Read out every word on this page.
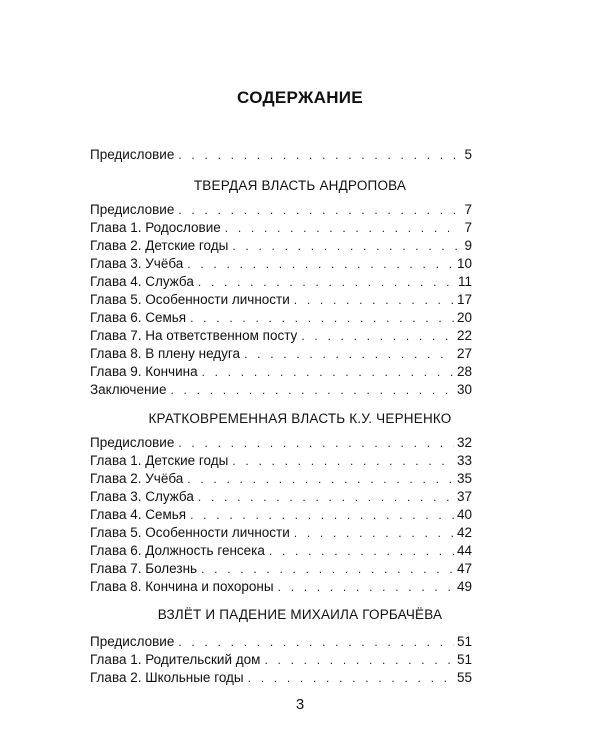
СОДЕРЖАНИЕ
Предисловие . . .	5
ТВЕРДАЯ ВЛАСТЬ АНДРОПОВА
Предисловие . . .	7
Глава 1. Родословие . . .	7
Глава 2. Детские годы . . .	9
Глава 3. Учёба . . .	10
Глава 4. Служба . . .	11
Глава 5. Особенности личности . . .	17
Глава 6. Семья . . .	20
Глава 7. На ответственном посту . . .	22
Глава 8. В плену недуга . . .	27
Глава 9. Кончина . . .	28
Заключение . . .	30
КРАТКОВРЕМЕННАЯ ВЛАСТЬ К.У. ЧЕРНЕНКО
Предисловие . . .	32
Глава 1. Детские годы . . .	33
Глава 2. Учёба . . .	35
Глава 3. Служба . . .	37
Глава 4. Семья . . .	40
Глава 5. Особенности личности . . .	42
Глава 6. Должность генсека . . .	44
Глава 7. Болезнь . . .	47
Глава 8. Кончина и похороны . . .	49
ВЗЛЁТ И ПАДЕНИЕ МИХАИЛА ГОРБАЧЁВА
Предисловие . . .	51
Глава 1. Родительский дом . . .	51
Глава 2. Школьные годы . . .	55
3
